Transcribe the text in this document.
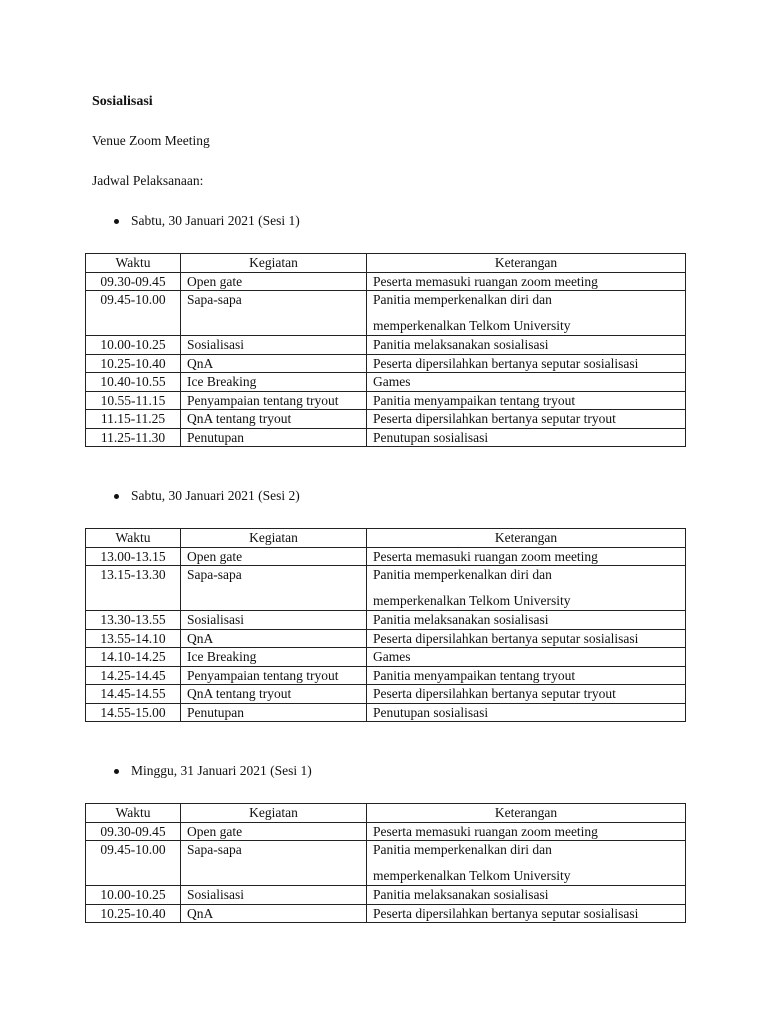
Sosialisasi
Venue Zoom Meeting
Jadwal Pelaksanaan:
Sabtu, 30 Januari 2021 (Sesi 1)
Waktu	Kegiatan	Keterangan
09.30-09.45	Open gate	Peserta memasuki ruangan zoom meeting
09.45-10.00	Sapa-sapa	Panitia memperkenalkan diri dan
memperkenalkan Telkom University

10.00-10.25	Sosialisasi	Panitia melaksanakan sosialisasi
10.25-10.40	QnA	Peserta dipersilahkan bertanya seputar sosialisasi
10.40-10.55	Ice Breaking	Games
10.55-11.15	Penyampaian tentang tryout	Panitia menyampaikan tentang tryout
11.15-11.25	QnA tentang tryout	Peserta dipersilahkan bertanya seputar tryout
11.25-11.30	Penutupan	Penutupan sosialisasi
Sabtu, 30 Januari 2021 (Sesi 2)
Waktu	Kegiatan	Keterangan
13.00-13.15	Open gate	Peserta memasuki ruangan zoom meeting
13.15-13.30	Sapa-sapa	Panitia memperkenalkan diri dan
memperkenalkan Telkom University

13.30-13.55	Sosialisasi	Panitia melaksanakan sosialisasi
13.55-14.10	QnA	Peserta dipersilahkan bertanya seputar sosialisasi
14.10-14.25	Ice Breaking	Games
14.25-14.45	Penyampaian tentang tryout	Panitia menyampaikan tentang tryout
14.45-14.55	QnA tentang tryout	Peserta dipersilahkan bertanya seputar tryout
14.55-15.00	Penutupan	Penutupan sosialisasi
Minggu, 31 Januari 2021 (Sesi 1)
Waktu	Kegiatan	Keterangan
09.30-09.45	Open gate	Peserta memasuki ruangan zoom meeting
09.45-10.00	Sapa-sapa	Panitia memperkenalkan diri dan
memperkenalkan Telkom University

10.00-10.25	Sosialisasi	Panitia melaksanakan sosialisasi
10.25-10.40	QnA	Peserta dipersilahkan bertanya seputar sosialisasi
